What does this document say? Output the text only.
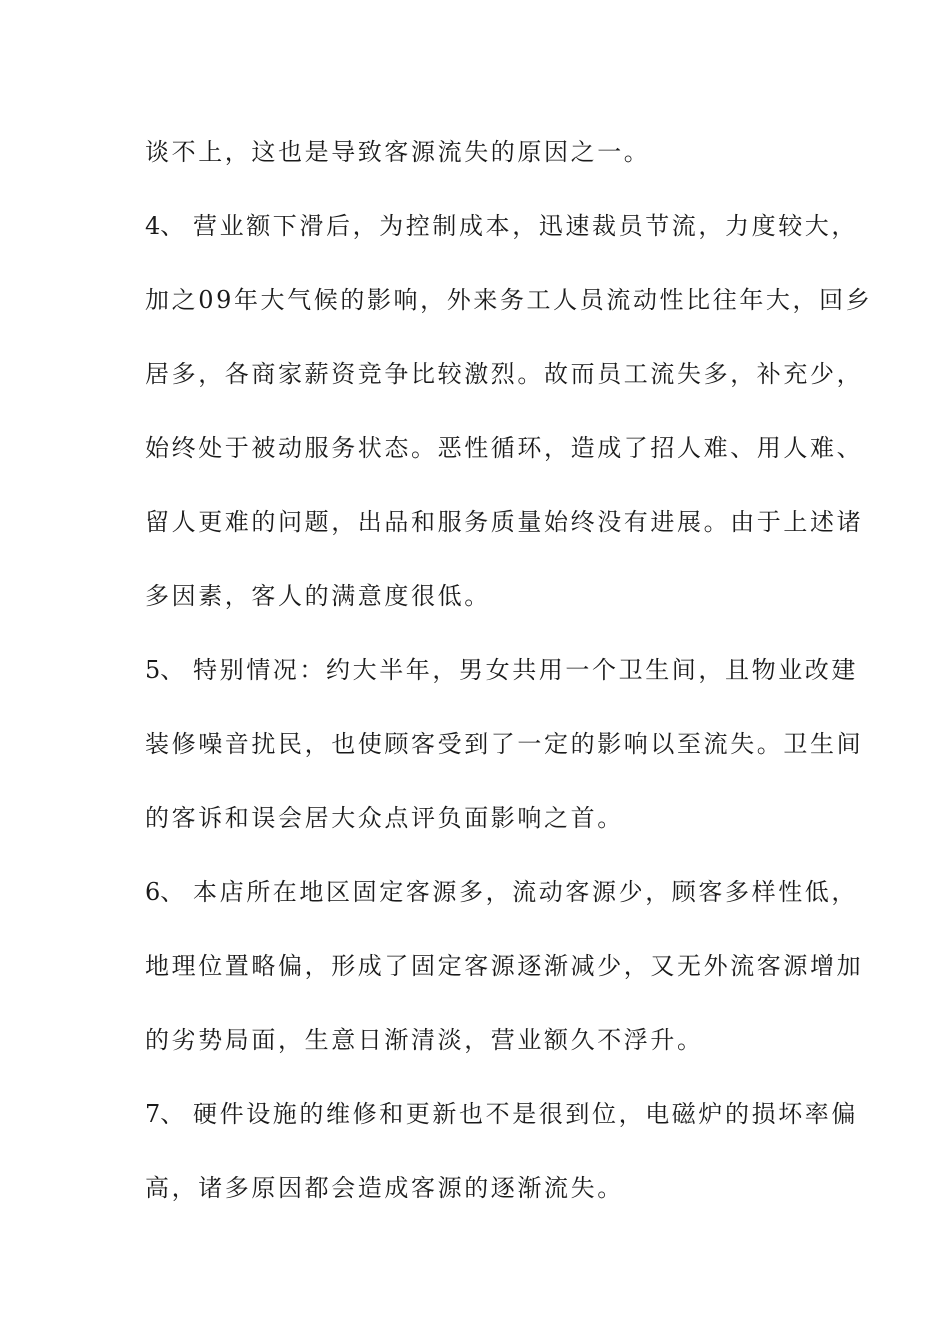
谈不上，这也是导致客源流失的原因之一。
4、 营业额下滑后，为控制成本，迅速裁员节流，力度较大，
加之09年大气候的影响，外来务工人员流动性比往年大，回乡
居多，各商家薪资竞争比较激烈。故而员工流失多，补充少，
始终处于被动服务状态。恶性循环，造成了招人难、用人难、
留人更难的问题，出品和服务质量始终没有进展。由于上述诸
多因素，客人的满意度很低。
5、 特别情况：约大半年，男女共用一个卫生间，且物业改建
装修噪音扰民，也使顾客受到了一定的影响以至流失。卫生间
的客诉和误会居大众点评负面影响之首。
6、 本店所在地区固定客源多，流动客源少，顾客多样性低，
地理位置略偏，形成了固定客源逐渐减少，又无外流客源增加
的劣势局面，生意日渐清淡，营业额久不浮升。
7、 硬件设施的维修和更新也不是很到位，电磁炉的损坏率偏
高，诸多原因都会造成客源的逐渐流失。
